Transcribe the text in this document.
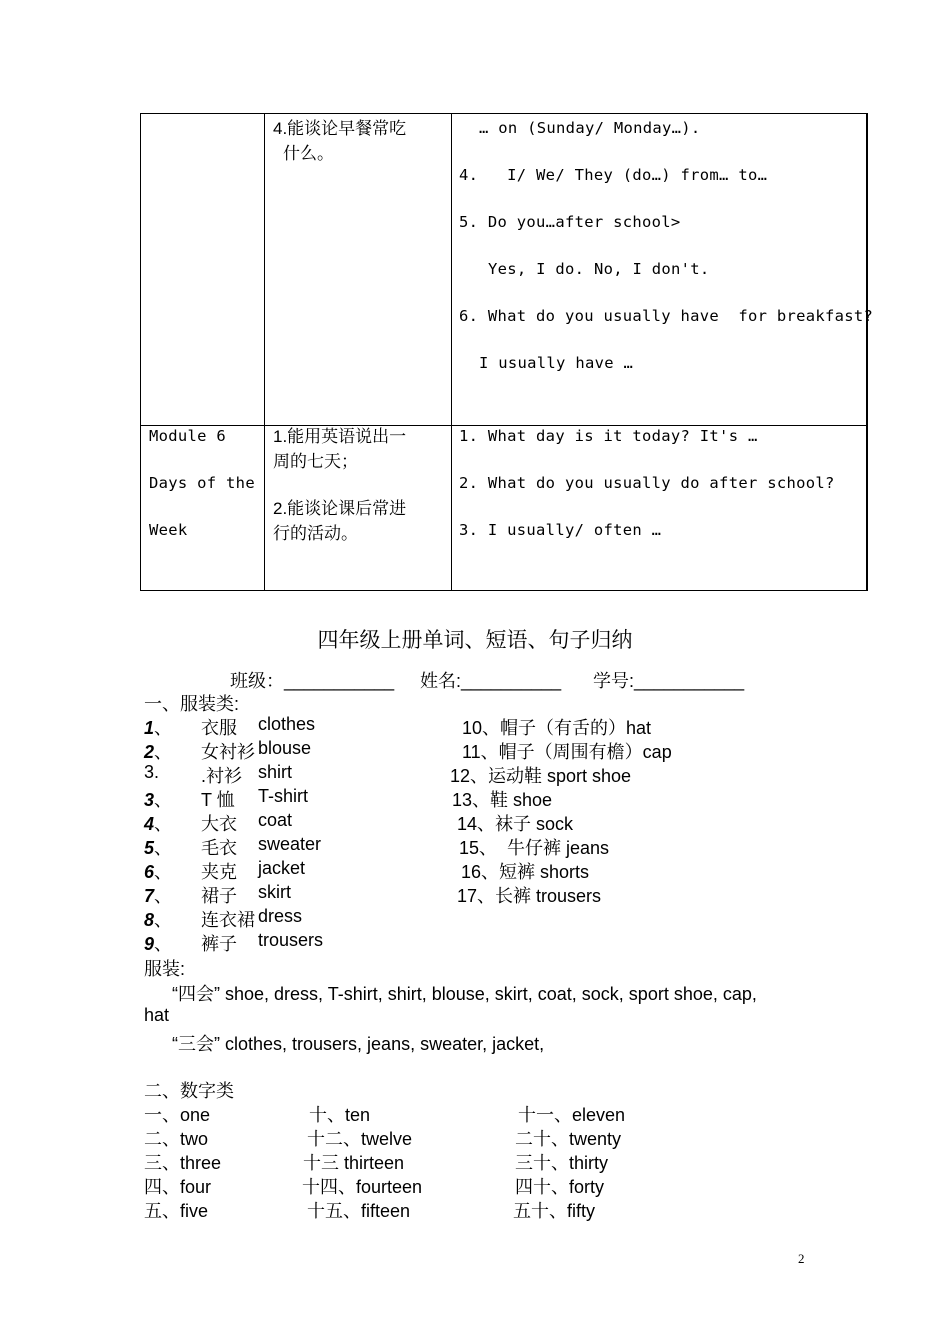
4.能谈论早餐常吃
什么。
… on (Sunday/ Monday…).
4.   I/ We/ They (do…) from… to…
5. Do you…after school>
Yes, I do. No, I don't.
6. What do you usually have  for breakfast?
I usually have …
Module 6
Days of the
Week
1.能用英语说出一
周的七天；
2.能谈论课后常进
行的活动。
1. What day is it today? It's …
2. What do you usually do after school?
3. I usually/ often …
四年级上册单词、短语、句子归纳
班级：___________ 姓名:__________ 学号:___________
一、服装类:
1、 衣服 clothes
2、 女衬衫 blouse
3. .衬衫 shirt
3、 T 恤 T-shirt
4、 大衣 coat
5、 毛衣 sweater
6、 夹克 jacket
7、 裙子 skirt
8、 连衣裙 dress
9、 裤子 trousers
10、帽子（有舌的）hat
11、帽子（周围有檐）cap
12、运动鞋 sport shoe
13、鞋 shoe
14、袜子 sock
15、  牛仔裤 jeans
16、短裤 shorts
17、长裤 trousers
服装:
“四会” shoe, dress, T-shirt, shirt, blouse, skirt, coat, sock, sport shoe, cap,
hat
“三会” clothes, trousers, jeans, sweater, jacket,
二、数字类
一、one
二、two
三、three
四、four
五、five
十、ten
十二、twelve
十三 thirteen
十四、fourteen
十五、fifteen
十一、eleven
二十、twenty
三十、thirty
四十、forty
五十、fifty
2
